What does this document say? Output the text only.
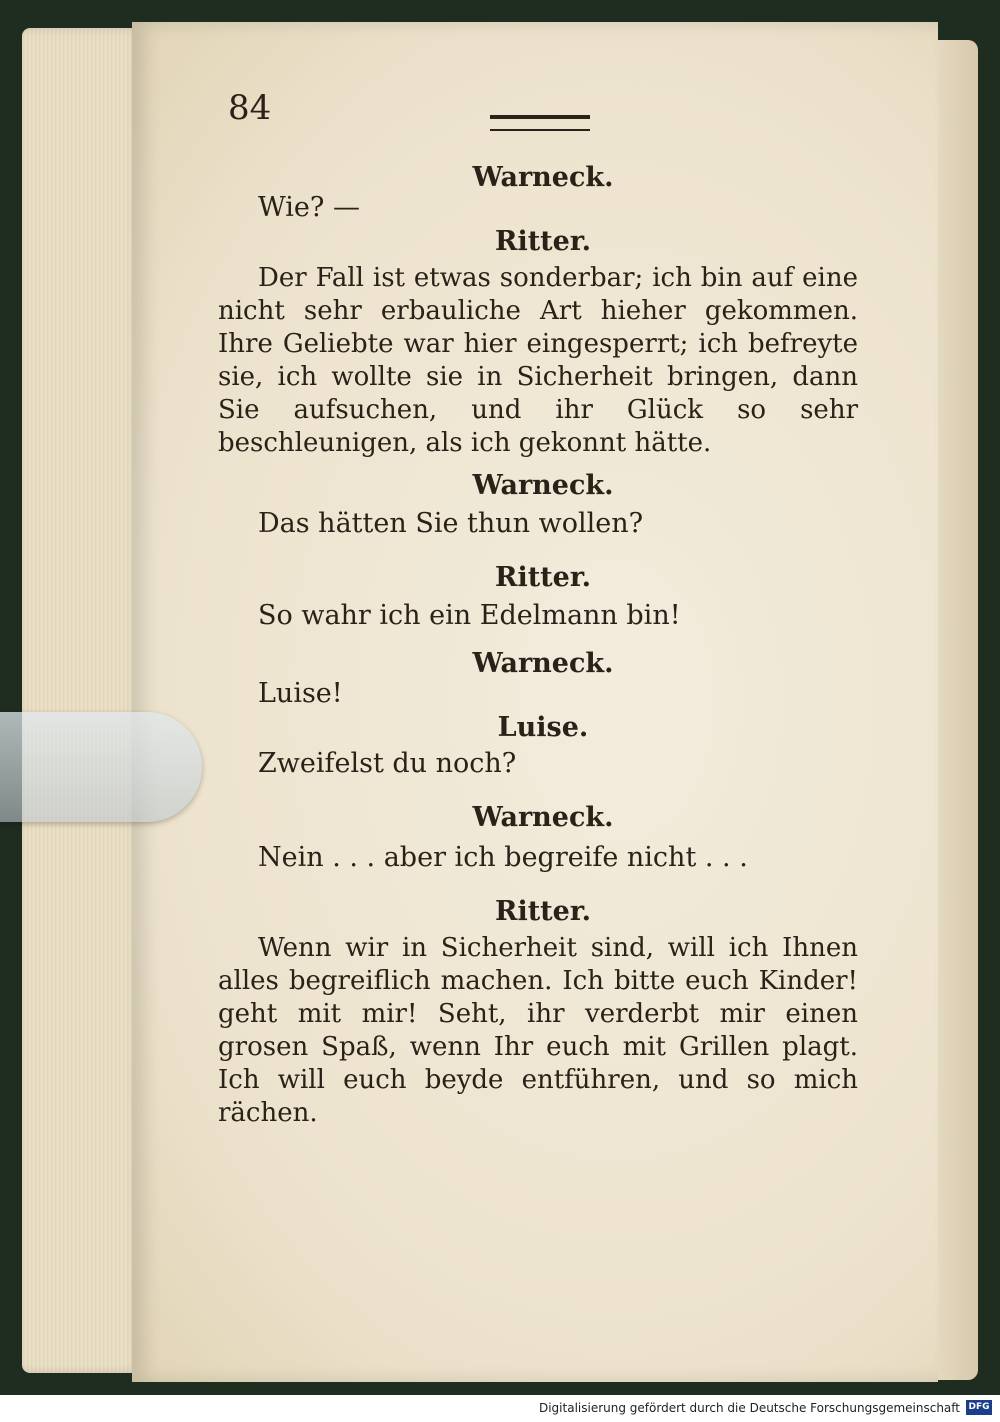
84
Warneck.
Wie? —
Ritter.
Der Fall ist etwas sonderbar; ich bin auf eine nicht sehr erbauliche Art hieher gekommen. Ihre Geliebte war hier eingesperrt; ich befreyte sie, ich wollte sie in Sicherheit bringen, dann Sie aufsuchen, und ihr Glück so sehr beschleunigen, als ich gekonnt hätte.
Warneck.
Das hätten Sie thun wollen?
Ritter.
So wahr ich ein Edelmann bin!
Warneck.
Luise!
Luise.
Zweifelst du noch?
Warneck.
Nein . . . aber ich begreife nicht . . .
Ritter.
Wenn wir in Sicherheit sind, will ich Ihnen alles begreiflich machen. Ich bitte euch Kinder! geht mit mir! Seht, ihr verderbt mir einen grosen Spaß, wenn Ihr euch mit Grillen plagt. Ich will euch beyde entführen, und so mich rächen.
Digitalisierung gefördert durch die Deutsche Forschungsgemeinschaft DFG
